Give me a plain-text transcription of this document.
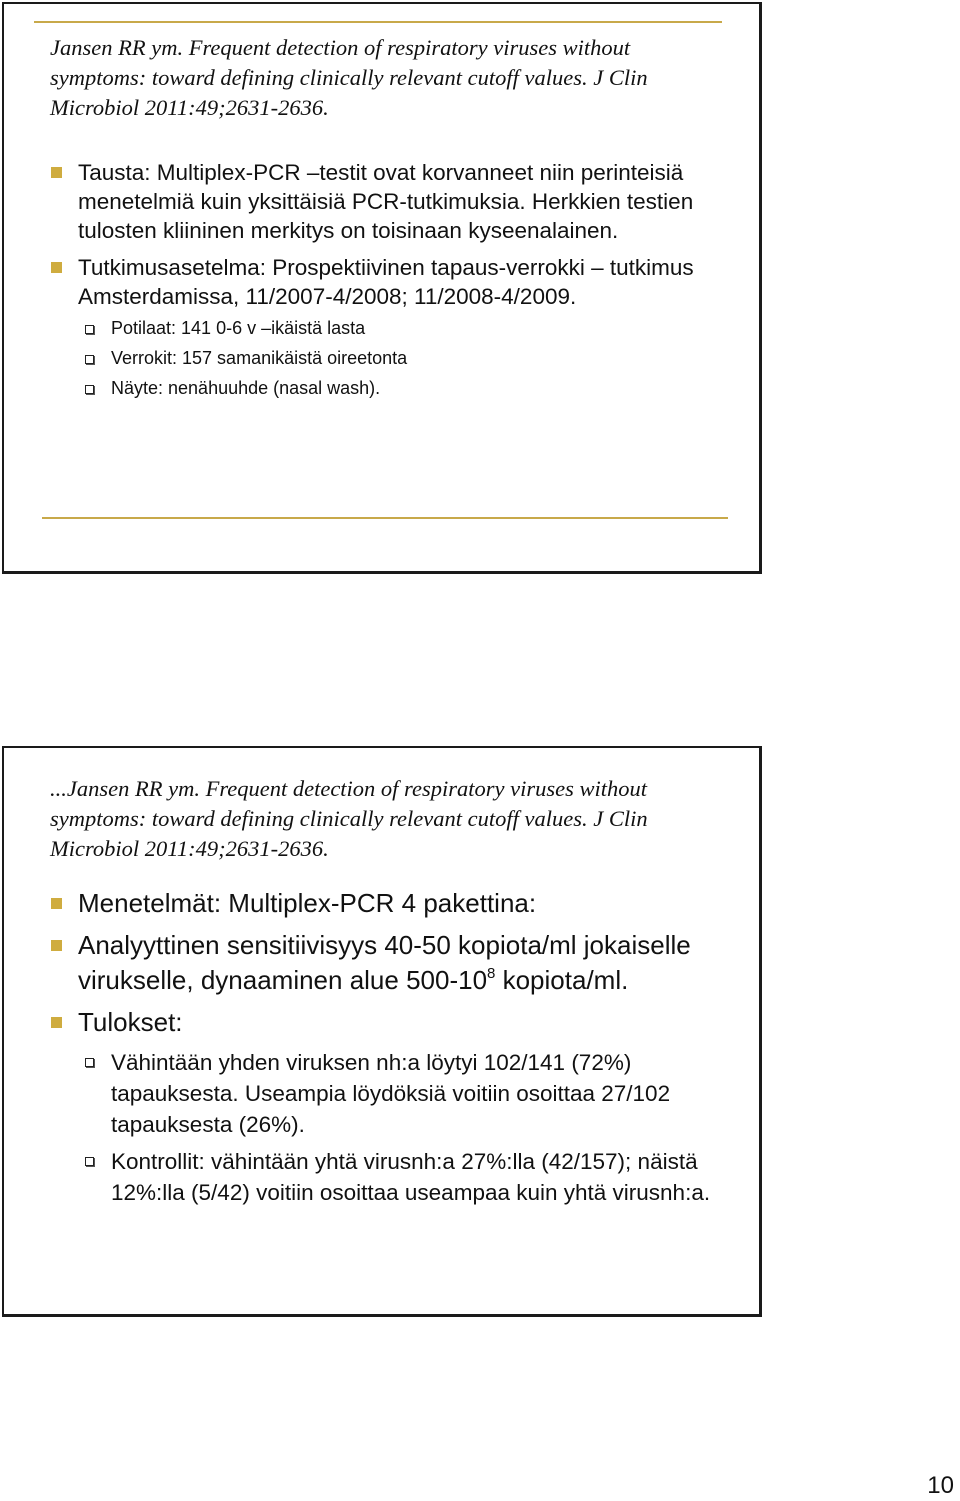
Jansen RR ym. Frequent detection of respiratory viruses without symptoms: toward defining clinically relevant cutoff values. J Clin Microbiol 2011:49;2631-2636.
Tausta: Multiplex-PCR –testit ovat korvanneet niin perinteisiä menetelmiä kuin yksittäisiä PCR-tutkimuksia. Herkkien testien tulosten kliininen merkitys on toisinaan kyseenalainen.
Tutkimusasetelma: Prospektiivinen tapaus-verrokki – tutkimus Amsterdamissa, 11/2007-4/2008; 11/2008-4/2009.
Potilaat: 141 0-6 v –ikäistä lasta
Verrokit: 157 samanikäistä oireetonta
Näyte: nenähuuhde (nasal wash).
...Jansen RR ym. Frequent detection of respiratory viruses without symptoms: toward defining clinically relevant cutoff values. J Clin Microbiol 2011:49;2631-2636.
Menetelmät: Multiplex-PCR 4 pakettina:
Analyyttinen sensitiivisyys 40-50 kopiota/ml jokaiselle virukselle, dynaaminen alue $500-10^8$ kopiota/ml.
Tulokset:
Vähintään yhden viruksen nh:a löytyi 102/141 (72%) tapauksesta. Useampia löydöksiä voitiin osoittaa 27/102 tapauksesta (26%).
Kontrollit: vähintään yhtä virusnh:a 27%:lla (42/157); näistä 12%:lla (5/42) voitiin osoittaa useampaa kuin yhtä virusnh:a.
10
